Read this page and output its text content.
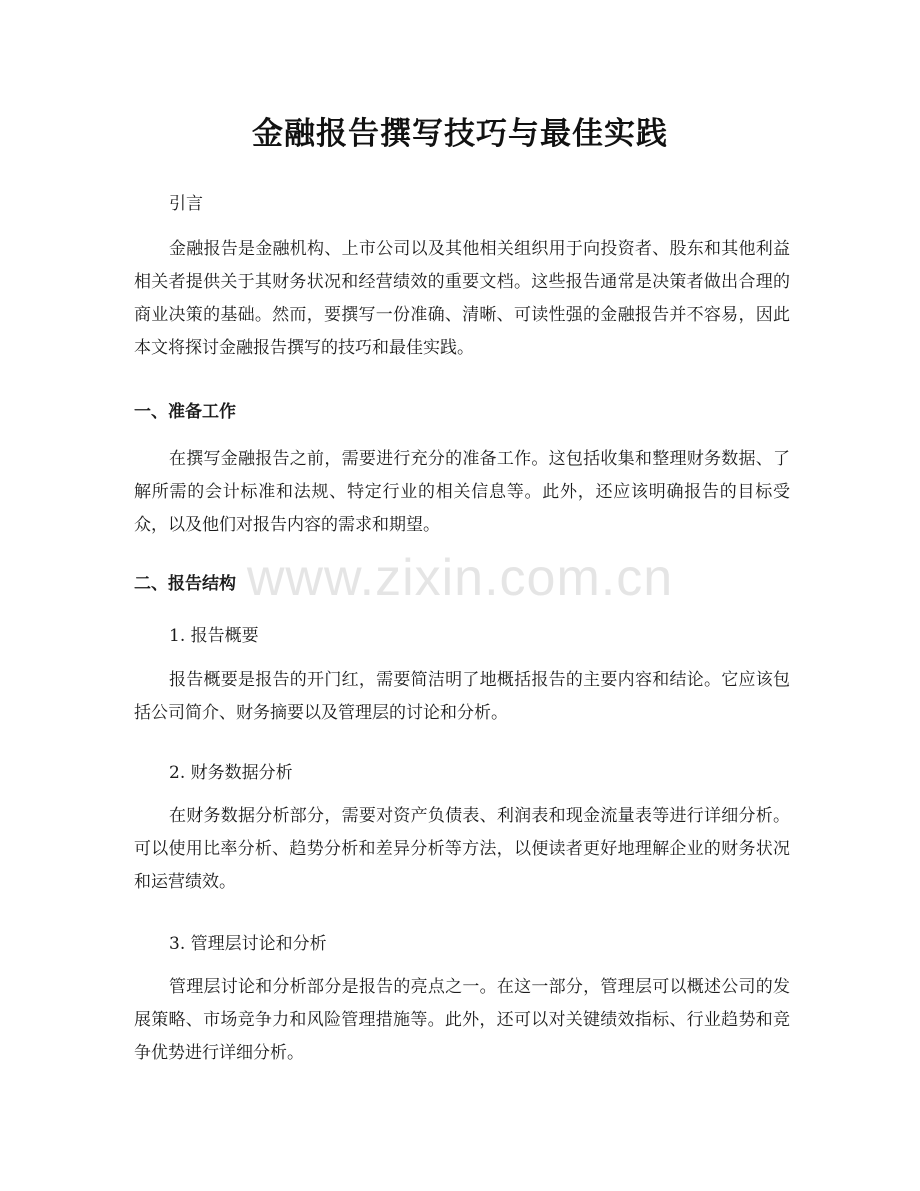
金融报告撰写技巧与最佳实践
引言
金融报告是金融机构、上市公司以及其他相关组织用于向投资者、股东和其他利益相关者提供关于其财务状况和经营绩效的重要文档。这些报告通常是决策者做出合理的商业决策的基础。然而，要撰写一份准确、清晰、可读性强的金融报告并不容易，因此本文将探讨金融报告撰写的技巧和最佳实践。
一、准备工作
在撰写金融报告之前，需要进行充分的准备工作。这包括收集和整理财务数据、了解所需的会计标准和法规、特定行业的相关信息等。此外，还应该明确报告的目标受众，以及他们对报告内容的需求和期望。
二、报告结构
1. 报告概要
报告概要是报告的开门红，需要简洁明了地概括报告的主要内容和结论。它应该包括公司简介、财务摘要以及管理层的讨论和分析。
2. 财务数据分析
在财务数据分析部分，需要对资产负债表、利润表和现金流量表等进行详细分析。可以使用比率分析、趋势分析和差异分析等方法，以便读者更好地理解企业的财务状况和运营绩效。
3. 管理层讨论和分析
管理层讨论和分析部分是报告的亮点之一。在这一部分，管理层可以概述公司的发展策略、市场竞争力和风险管理措施等。此外，还可以对关键绩效指标、行业趋势和竞争优势进行详细分析。
www.zixin.com.cn
